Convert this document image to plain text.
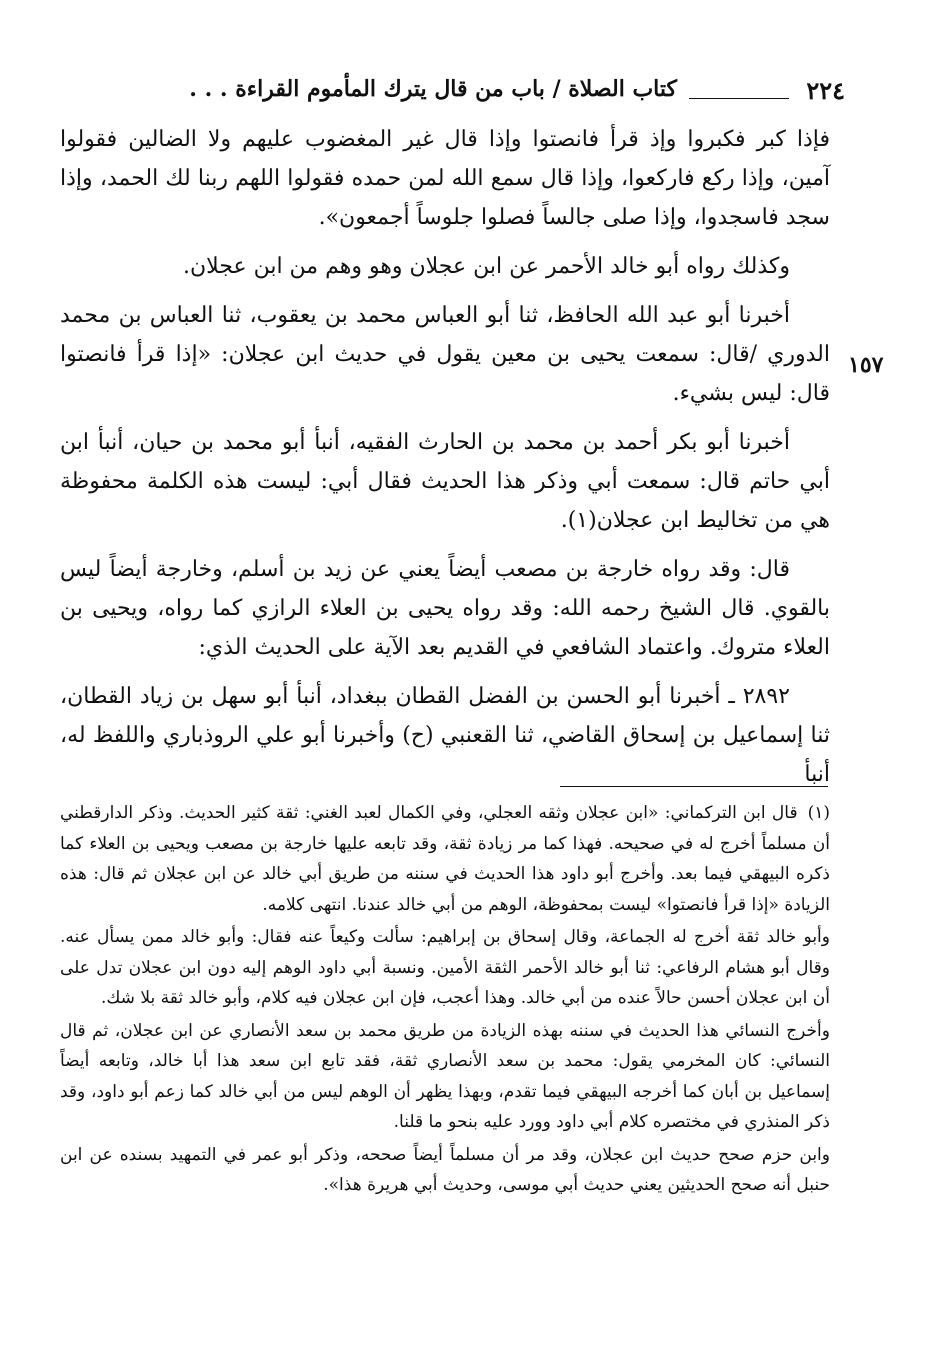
٢٢٤
كتاب الصلاة / باب من قال يترك المأموم القراءة . . .
١٥٧

فإذا كبر فكبروا وإذ قرأ فانصتوا وإذا قال غير المغضوب عليهم ولا الضالين فقولوا آمين، وإذا ركع فاركعوا، وإذا قال سمع الله لمن حمده فقولوا اللهم ربنا لك الحمد، وإذا سجد فاسجدوا، وإذا صلى جالساً فصلوا جلوساً أجمعون».

وكذلك رواه أبو خالد الأحمر عن ابن عجلان وهو وهم من ابن عجلان.

أخبرنا أبو عبد الله الحافظ، ثنا أبو العباس محمد بن يعقوب، ثنا العباس بن محمد الدوري /قال: سمعت يحيى بن معين يقول في حديث ابن عجلان: «إذا قرأ فانصتوا قال: ليس بشيء.

أخبرنا أبو بكر أحمد بن محمد بن الحارث الفقيه، أنبأ أبو محمد بن حيان، أنبأ ابن أبي حاتم قال: سمعت أبي وذكر هذا الحديث فقال أبي: ليست هذه الكلمة محفوظة هي من تخاليط ابن عجلان(١).

قال: وقد رواه خارجة بن مصعب أيضاً يعني عن زيد بن أسلم، وخارجة أيضاً ليس بالقوي. قال الشيخ رحمه الله: وقد رواه يحيى بن العلاء الرازي كما رواه، ويحيى بن العلاء متروك. واعتماد الشافعي في القديم بعد الآية على الحديث الذي:

٢٨٩٢ ـ أخبرنا أبو الحسن بن الفضل القطان ببغداد، أنبأ أبو سهل بن زياد القطان، ثنا إسماعيل بن إسحاق القاضي، ثنا القعنبي (ح) وأخبرنا أبو علي الروذباري واللفظ له، أنبأ

(١)قال ابن التركماني: «ابن عجلان وثقه العجلي، وفي الكمال لعبد الغني: ثقة كثير الحديث. وذكر الدارقطني أن مسلماً أخرج له في صحيحه. فهذا كما مر زيادة ثقة، وقد تابعه عليها خارجة بن مصعب ويحيى بن العلاء كما ذكره البيهقي فيما بعد. وأخرج أبو داود هذا الحديث في سننه من طريق أبي خالد عن ابن عجلان ثم قال: هذه الزيادة «إذا قرأ فانصتوا» ليست بمحفوظة، الوهم من أبي خالد عندنا. انتهى كلامه.

وأبو خالد ثقة أخرج له الجماعة، وقال إسحاق بن إبراهيم: سألت وكيعاً عنه فقال: وأبو خالد ممن يسأل عنه. وقال أبو هشام الرفاعي: ثنا أبو خالد الأحمر الثقة الأمين. ونسبة أبي داود الوهم إليه دون ابن عجلان تدل على أن ابن عجلان أحسن حالاً عنده من أبي خالد. وهذا أعجب، فإن ابن عجلان فيه كلام، وأبو خالد ثقة بلا شك.

وأخرج النسائي هذا الحديث في سننه بهذه الزيادة من طريق محمد بن سعد الأنصاري عن ابن عجلان، ثم قال النسائي: كان المخرمي يقول: محمد بن سعد الأنصاري ثقة، فقد تابع ابن سعد هذا أبا خالد، وتابعه أيضاً إسماعيل بن أبان كما أخرجه البيهقي فيما تقدم، وبهذا يظهر أن الوهم ليس من أبي خالد كما زعم أبو داود، وقد ذكر المنذري في مختصره كلام أبي داود وورد عليه بنحو ما قلنا.

وابن حزم صحح حديث ابن عجلان، وقد مر أن مسلماً أيضاً صححه، وذكر أبو عمر في التمهيد بسنده عن ابن حنبل أنه صحح الحديثين يعني حديث أبي موسى، وحديث أبي هريرة هذا».
